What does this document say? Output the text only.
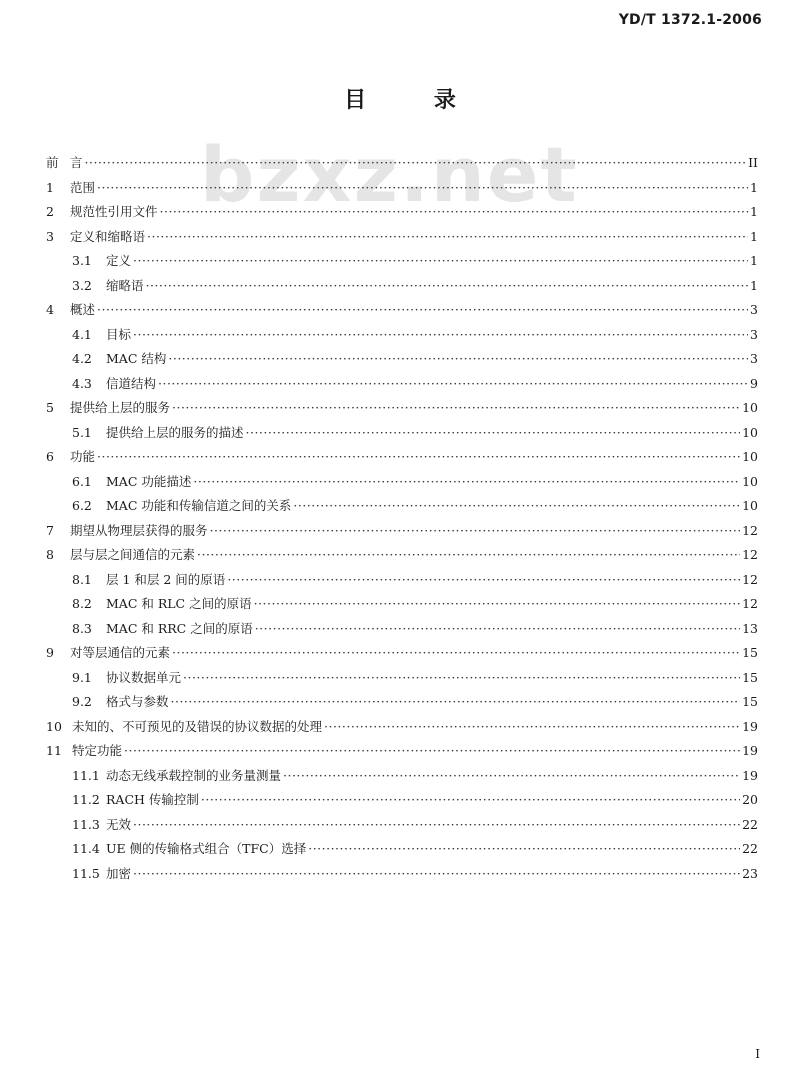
YD/T 1372.1-2006
bzxz.net
目 录
前 言 ·····	II
1	范围 ·····	1
2	规范性引用文件 ·····	1
3	定义和缩略语 ·····	1
3.1	定义 ·····	1
3.2	缩略语 ·····	1
4	概述 ·····	3
4.1	目标 ·····	3
4.2	MAC 结构 ·····	3
4.3	信道结构 ·····	9
5	提供给上层的服务 ·····	10
5.1	提供给上层的服务的描述 ·····	10
6	功能 ·····	10
6.1	MAC 功能描述 ·····	10
6.2	MAC 功能和传输信道之间的关系 ·····	10
7	期望从物理层获得的服务 ·····	12
8	层与层之间通信的元素 ·····	12
8.1	层 1 和层 2 间的原语 ·····	12
8.2	MAC 和 RLC 之间的原语 ·····	12
8.3	MAC 和 RRC 之间的原语 ·····	13
9	对等层通信的元素 ·····	15
9.1	协议数据单元 ·····	15
9.2	格式与参数 ·····	15
10 未知的、不可预见的及错误的协议数据的处理 ·····	19
11 特定功能 ·····	19
11.1 动态无线承载控制的业务量测量 ·····	19
11.2 RACH 传输控制 ·····	20
11.3 无效 ·····	22
11.4 UE 侧的传输格式组合（TFC）选择 ·····	22
11.5 加密 ·····	23
I
